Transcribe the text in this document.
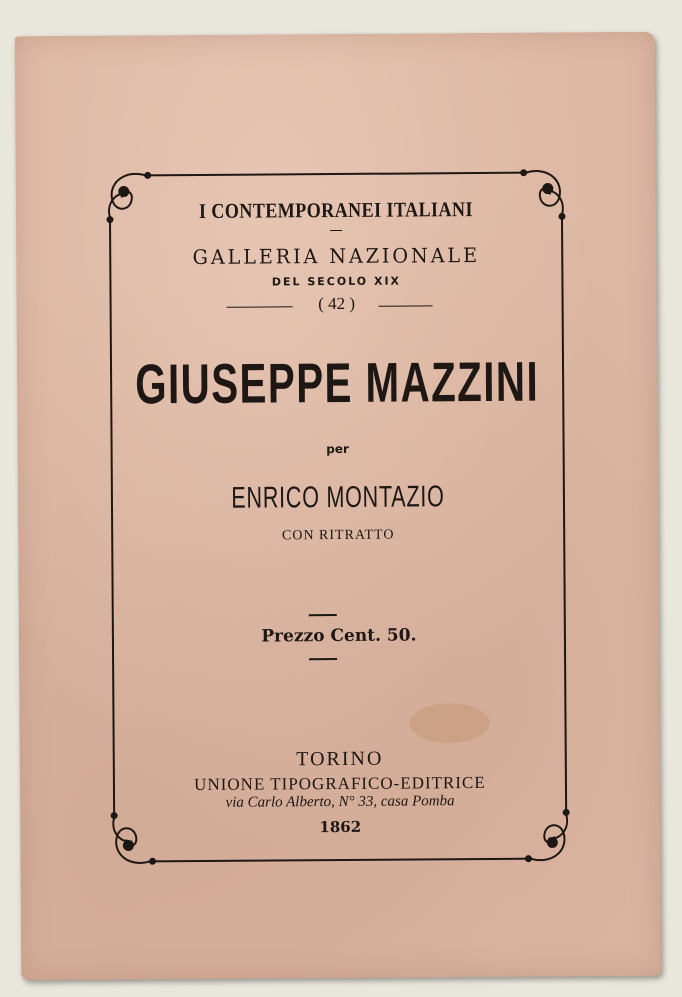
I CONTEMPORANEI ITALIANI
GALLERIA NAZIONALE
DEL SECOLO XIX
( 42 )
GIUSEPPE MAZZINI
per
ENRICO MONTAZIO
CON RITRATTO
Prezzo Cent. 50.
TORINO
UNIONE TIPOGRAFICO-EDITRICE
via Carlo Alberto, N° 33, casa Pomba
1862
